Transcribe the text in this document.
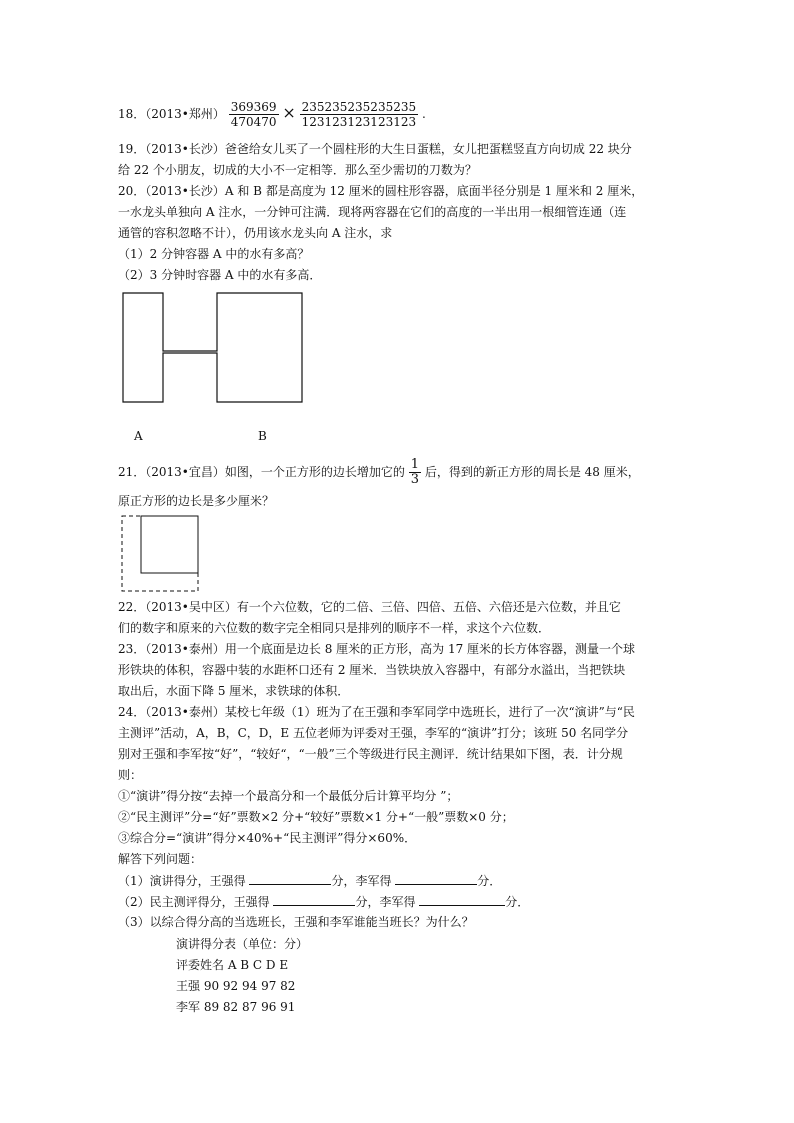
18．（2013•郑州） $\frac{369369}{470470} \times \frac{235235235235235}{123123123123123}$ .
19．（2013•长沙）爸爸给女儿买了一个圆柱形的大生日蛋糕，女儿把蛋糕竖直方向切成 22 块分
给 22 个小朋友，切成的大小不一定相等．那么至少需切的刀数为？
20．（2013•长沙）A 和 B 都是高度为 12 厘米的圆柱形容器，底面半径分别是 1 厘米和 2 厘米，
一水龙头单独向 A 注水，一分钟可注满．现将两容器在它们的高度的一半出用一根细管连通（连
通管的容积忽略不计），仍用该水龙头向 A 注水，求
（1）2 分钟容器 A 中的水有多高？
（2）3 分钟时容器 A 中的水有多高．
A	B
21．（2013•宜昌）如图，一个正方形的边长增加它的 $\frac{1}{3}$ 后，得到的新正方形的周长是 48 厘米，
原正方形的边长是多少厘米？
22．（2013•吴中区）有一个六位数，它的二倍、三倍、四倍、五倍、六倍还是六位数，并且它
们的数字和原来的六位数的数字完全相同只是排列的顺序不一样，求这个六位数．
23．（2013•泰州）用一个底面是边长 8 厘米的正方形，高为 17 厘米的长方体容器，测量一个球
形铁块的体积，容器中装的水距杯口还有 2 厘米．当铁块放入容器中，有部分水溢出，当把铁块
取出后，水面下降 5 厘米，求铁球的体积．
24．（2013•泰州）某校七年级（1）班为了在王强和李军同学中选班长，进行了一次“演讲”与“民
主测评”活动，A，B，C，D，E 五位老师为评委对王强，李军的“演讲”打分；该班 50 名同学分
别对王强和李军按“好”，“较好“，“一般”三个等级进行民主测评．统计结果如下图，表．计分规
则：
①“演讲”得分按“去掉一个最高分和一个最低分后计算平均分 ”；
②“民主测评”分=“好”票数×2 分+“较好”票数×1 分+“一般”票数×0 分；
③综合分=“演讲”得分×40%+“民主测评”得分×60%．
解答下列问题：
（1）演讲得分，王强得	分，李军得	分．
（2）民主测评得分，王强得	分，李军得	分．
（3）以综合得分高的当选班长，王强和李军谁能当班长？为什么？
演讲得分表（单位：分）
评委姓名 A B C D E
王强 90 92 94 97 82
李军 89 82 87 96 91
